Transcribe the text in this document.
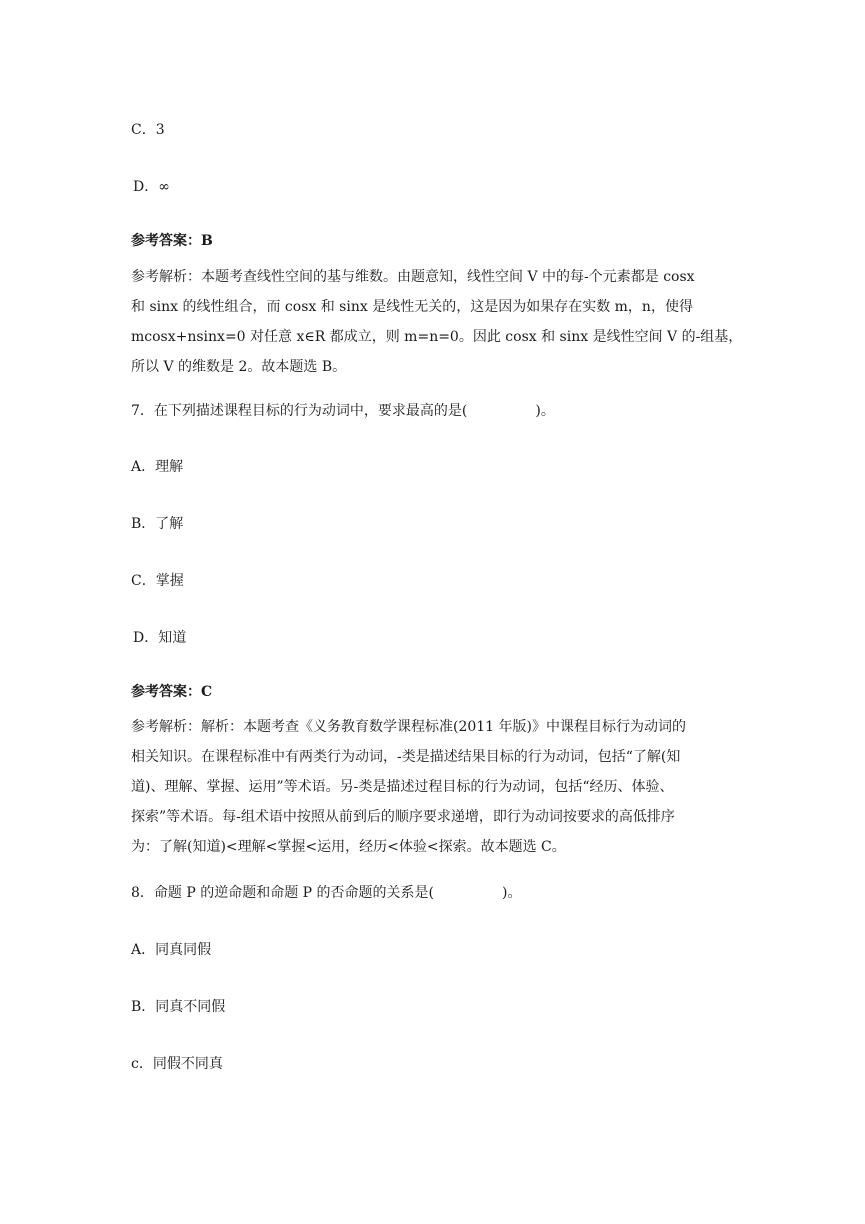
C．3
D．∞
参考答案：B
参考解析：本题考查线性空间的基与维数。由题意知，线性空间 V 中的每-个元素都是 cosx
和 sinx 的线性组合，而 cosx 和 sinx 是线性无关的，这是因为如果存在实数 m，n，使得
mcosx+nsinx=0 对任意 x∈R 都成立，则 m=n=0。因此 cosx 和 sinx 是线性空间 V 的-组基，
所以 V 的维数是 2。故本题选 B。
7．在下列描述课程目标的行为动词中，要求最高的是(	)。
A．理解
B．了解
C．掌握
D．知道
参考答案：C
参考解析：解析：本题考查《义务教育数学课程标准(2011 年版)》中课程目标行为动词的
相关知识。在课程标准中有两类行为动词，-类是描述结果目标的行为动词，包括“了解(知
道)、理解、掌握、运用”等术语。另-类是描述过程目标的行为动词，包括“经历、体验、
探索”等术语。每-组术语中按照从前到后的顺序要求递增，即行为动词按要求的高低排序
为：了解(知道)<理解<掌握<运用，经历<体验<探索。故本题选 C。
8．命题 P 的逆命题和命题 P 的否命题的关系是(	)。
A．同真同假
B．同真不同假
c．同假不同真
